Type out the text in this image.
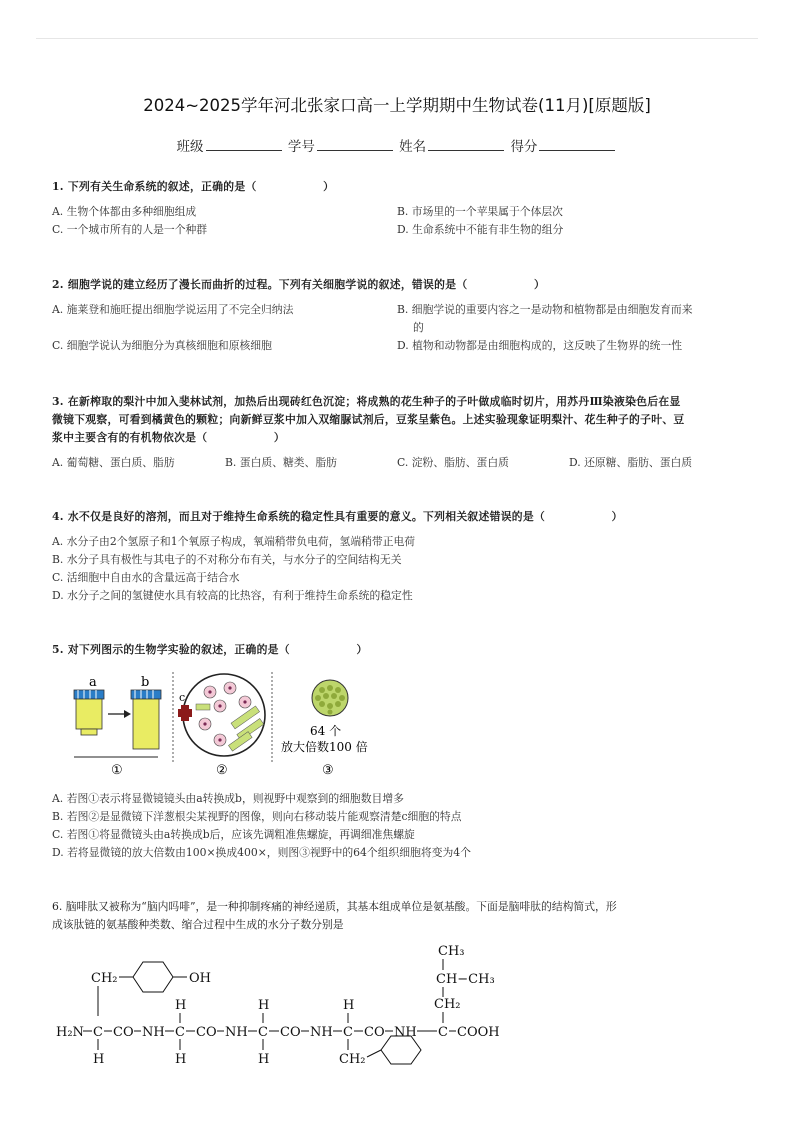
2024~2025学年河北张家口高一上学期期中生物试卷(11月)[原题版]
班级	学号	姓名	得分
1. 下列有关生命系统的叙述，正确的是（　　　　　　）
A. 生物个体都由多种细胞组成	B. 市场里的一个苹果属于个体层次
C. 一个城市所有的人是一个种群	D. 生命系统中不能有非生物的组分
2. 细胞学说的建立经历了漫长而曲折的过程。下列有关细胞学说的叙述，错误的是（　　　　　　）
A. 施莱登和施旺提出细胞学说运用了不完全归纳法	B. 细胞学说的重要内容之一是动物和植物都是由细胞发育而来
的
C. 细胞学说认为细胞分为真核细胞和原核细胞	D. 植物和动物都是由细胞构成的，这反映了生物界的统一性
3. 在新榨取的梨汁中加入斐林试剂，加热后出现砖红色沉淀；将成熟的花生种子的子叶做成临时切片，用苏丹Ⅲ染液染色后在显
微镜下观察，可看到橘黄色的颗粒；向新鲜豆浆中加入双缩脲试剂后，豆浆呈紫色。上述实验现象证明梨汁、花生种子的子叶、豆
浆中主要含有的有机物依次是（　　　　　　）
A. 葡萄糖、蛋白质、脂肪	B. 蛋白质、糖类、脂肪	C. 淀粉、脂肪、蛋白质	D. 还原糖、脂肪、蛋白质
4. 水不仅是良好的溶剂，而且对于维持生命系统的稳定性具有重要的意义。下列相关叙述错误的是（　　　　　　）
A. 水分子由2个氢原子和1个氧原子构成，氧端稍带负电荷，氢端稍带正电荷
B. 水分子具有极性与其电子的不对称分布有关，与水分子的空间结构无关
C. 活细胞中自由水的含量远高于结合水
D. 水分子之间的氢键使水具有较高的比热容，有利于维持生命系统的稳定性
5. 对下列图示的生物学实验的叙述，正确的是（　　　　　　）
a	b
①
c
②
64 个
放大倍数100 倍
③
A. 若图①表示将显微镜镜头由a转换成b，则视野中观察到的细胞数目增多
B. 若图②是显微镜下洋葱根尖某视野的图像，则向右移动装片能观察清楚c细胞的特点
C. 若图①将显微镜头由a转换成b后，应该先调粗准焦螺旋，再调细准焦螺旋
D. 若将显微镜的放大倍数由100×换成400×，则图③视野中的64个组织细胞将变为4个
6. 脑啡肽又被称为“脑内吗啡”，是一种抑制疼痛的神经递质，其基本组成单位是氨基酸。下面是脑啡肽的结构简式，形
成该肽链的氨基酸种类数、缩合过程中生成的水分子数分别是
CH₂	OH
CH₃
CH−CH₃
CH₂
H	H	H
H₂N C CO NH C CO NH C CO NH C CO NH C COOH
H	H	H	CH₂
